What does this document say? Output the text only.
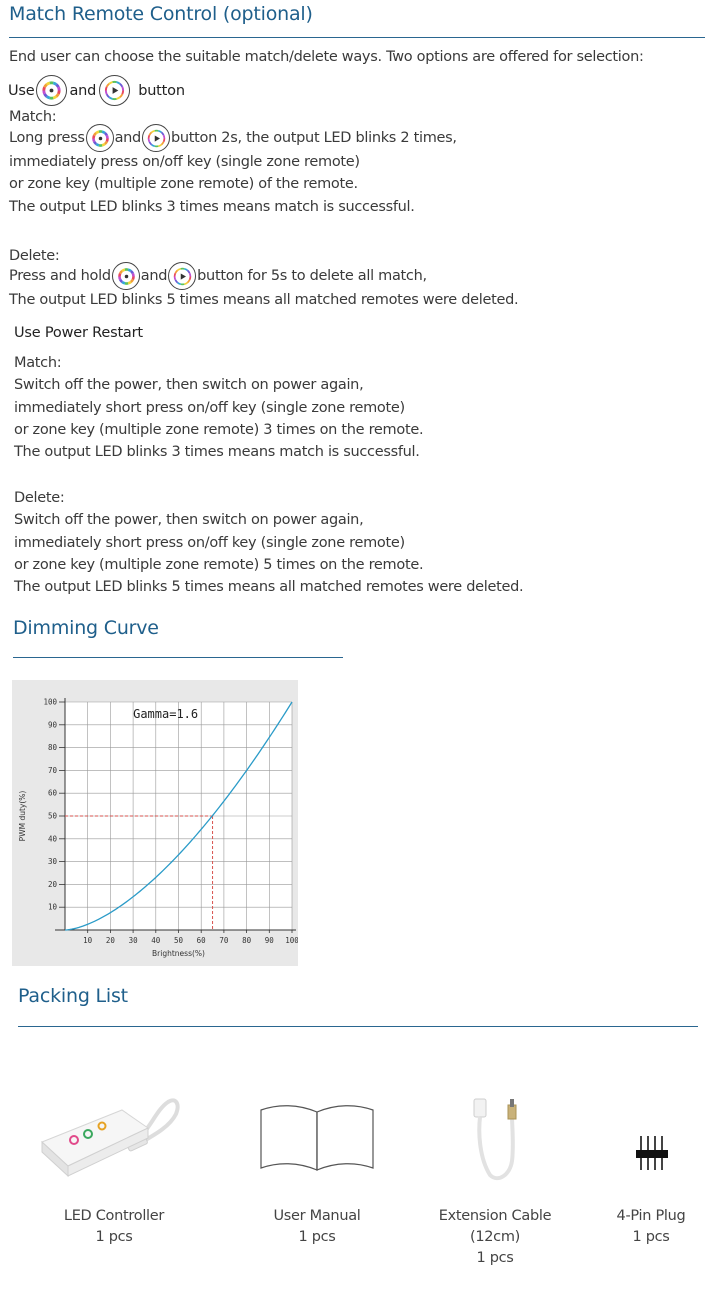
Match Remote Control (optional)
End user can choose the suitable match/delete ways. Two options are offered for selection:
Use and	button
Match:
Long press and button 2s, the output LED blinks 2 times,
immediately press on/off key (single zone remote)
or zone key (multiple zone remote) of the remote.
The output LED blinks 3 times means match is successful.
Delete:
Press and hold and button for 5s to delete all match,
The output LED blinks 5 times means all matched remotes were deleted.
Use Power Restart
Match:
Switch off the power, then switch on power again,
immediately short press on/off key (single zone remote)
or zone key (multiple zone remote) 3 times on the remote.
The output LED blinks 3 times means match is successful.
Delete:
Switch off the power, then switch on power again,
immediately short press on/off key (single zone remote)
or zone key (multiple zone remote) 5 times on the remote.
The output LED blinks 5 times means all matched remotes were deleted.
Dimming Curve
10 20 30 40 50 60 70 80 90 100
10
20
30
40
50
60
70
80
90
100
Gamma=1.6
Brightness(%)
PWM duty(%)
Packing List
LED Controller
1 pcs
User Manual
1 pcs
Extension Cable
(12cm)
1 pcs
4-Pin Plug
1 pcs
